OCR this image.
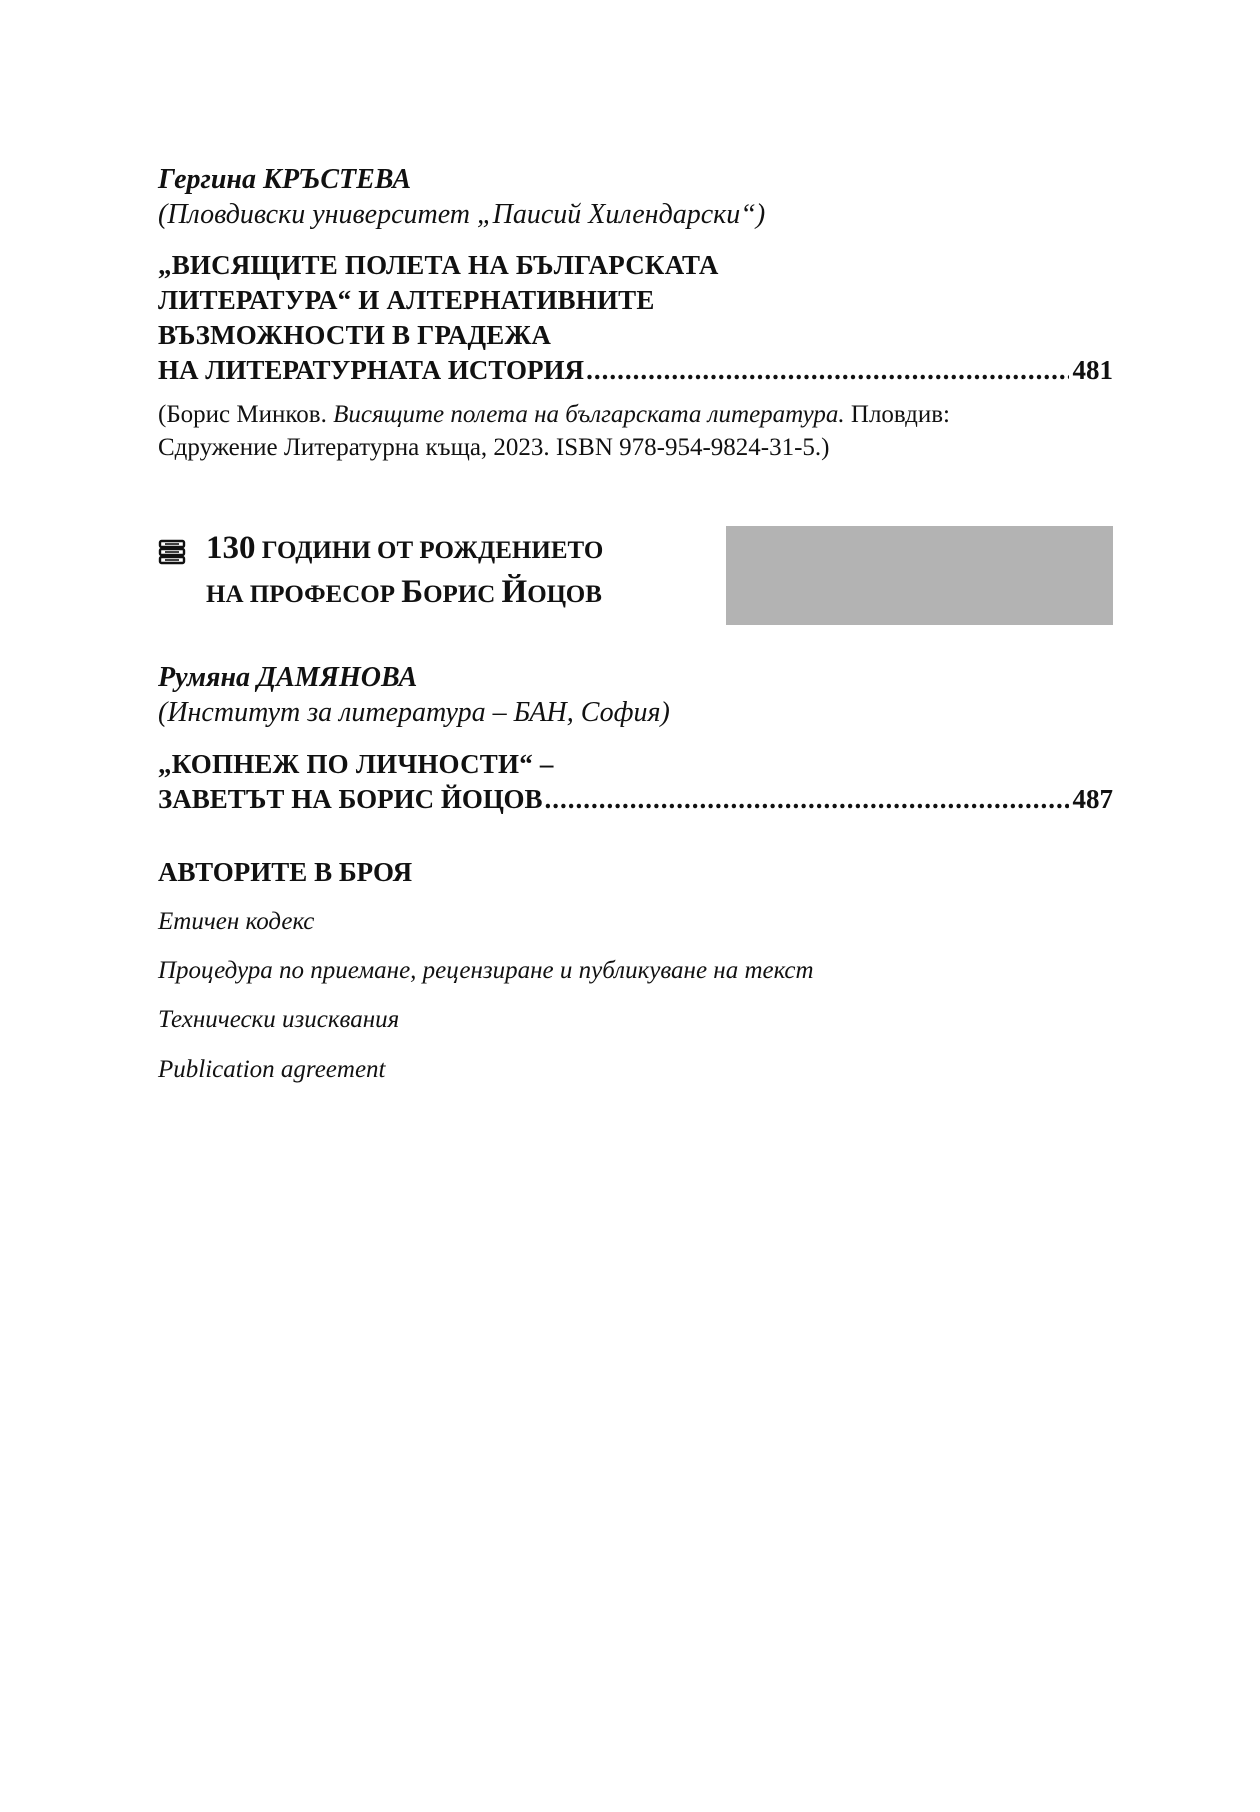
Гергина КРЪСТЕВА
(Пловдивски университет „Паисий Хилендарски“)
„ВИСЯЩИТЕ ПОЛЕТА НА БЪЛГАРСКАТА
ЛИТЕРАТУРА“ И АЛТЕРНАТИВНИТЕ
ВЪЗМОЖНОСТИ В ГРАДЕЖА
НА ЛИТЕРАТУРНАТА ИСТОРИЯ .....	481
(Борис Минков. Висящите полета на българската литература. Пловдив:
Сдружение Литературна къща, 2023. ISBN 978-954-9824-31-5.)
130 ГОДИНИ ОТ РОЖДЕНИЕТО
НА ПРОФЕСОР БОРИС ЙОЦОВ
Румяна ДАМЯНОВА
(Институт за литература – БАН, София)
„КОПНЕЖ ПО ЛИЧНОСТИ“ –
ЗАВЕТЪТ НА БОРИС ЙОЦОВ .....	487
АВТОРИТЕ В БРОЯ
Етичен кодекс
Процедура по приемане, рецензиране и публикуване на текст
Технически изисквания
Publication agreement
